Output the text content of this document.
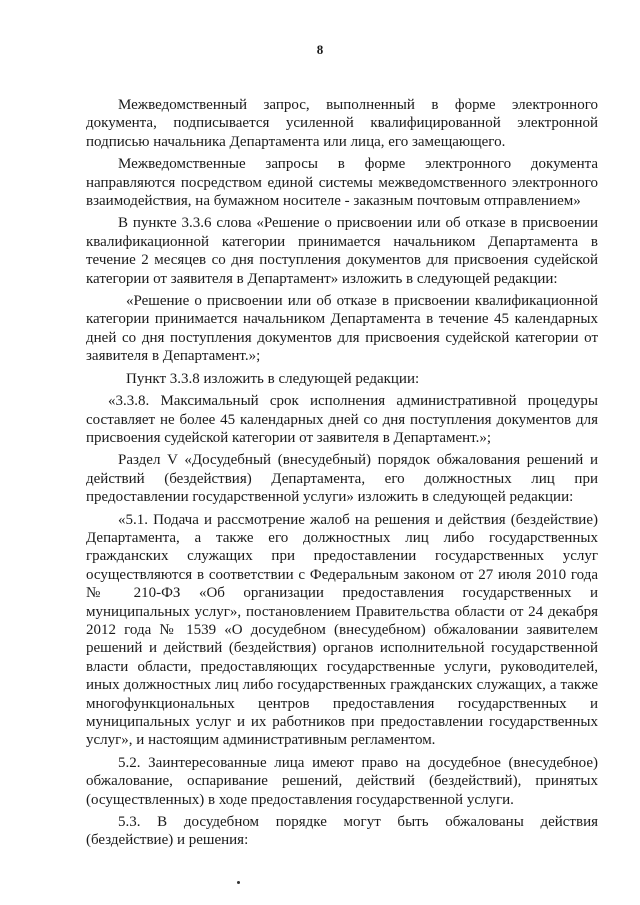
8

Межведомственный запрос, выполненный в форме электронного документа, подписывается усиленной квалифицированной электронной подписью начальника Департамента или лица, его замещающего.

Межведомственные запросы в форме электронного документа направляются посредством единой системы межведомственного электронного взаимодействия, на бумажном носителе - заказным почтовым отправлением»

В пункте 3.3.6 слова «Решение о присвоении или об отказе в присвоении квалификационной категории принимается начальником Департамента в течение 2 месяцев со дня поступления документов для присвоения судейской категории от заявителя в Департамент» изложить в следующей редакции:

«Решение о присвоении или об отказе в присвоении квалификационной категории принимается начальником Департамента в течение 45 календарных дней со дня поступления документов для присвоения судейской категории от заявителя в Департамент.»;

Пункт 3.3.8 изложить в следующей редакции:

«3.3.8. Максимальный срок исполнения административной процедуры составляет не более 45 календарных дней со дня поступления документов для присвоения судейской категории от заявителя в Департамент.»;

Раздел V «Досудебный (внесудебный) порядок обжалования решений и действий (бездействия) Департамента, его должностных лиц при предоставлении государственной услуги» изложить в следующей редакции:

«5.1. Подача и рассмотрение жалоб на решения и действия (бездействие) Департамента, а также его должностных лиц либо государственных гражданских служащих при предоставлении государственных услуг осуществляются в соответствии с Федеральным законом от 27 июля 2010 года № 210-ФЗ «Об организации предоставления государственных и муниципальных услуг», постановлением Правительства области от 24 декабря 2012 года № 1539 «О досудебном (внесудебном) обжаловании заявителем решений и действий (бездействия) органов исполнительной государственной власти области, предоставляющих государственные услуги, руководителей, иных должностных лиц либо государственных гражданских служащих, а также многофункциональных центров предоставления государственных и муниципальных услуг и их работников при предоставлении государственных услуг», и настоящим административным регламентом.

5.2. Заинтересованные лица имеют право на досудебное (внесудебное) обжалование, оспаривание решений, действий (бездействий), принятых (осуществленных) в ходе предоставления государственной услуги.

5.3. В досудебном порядке могут быть обжалованы действия (бездействие) и решения:
